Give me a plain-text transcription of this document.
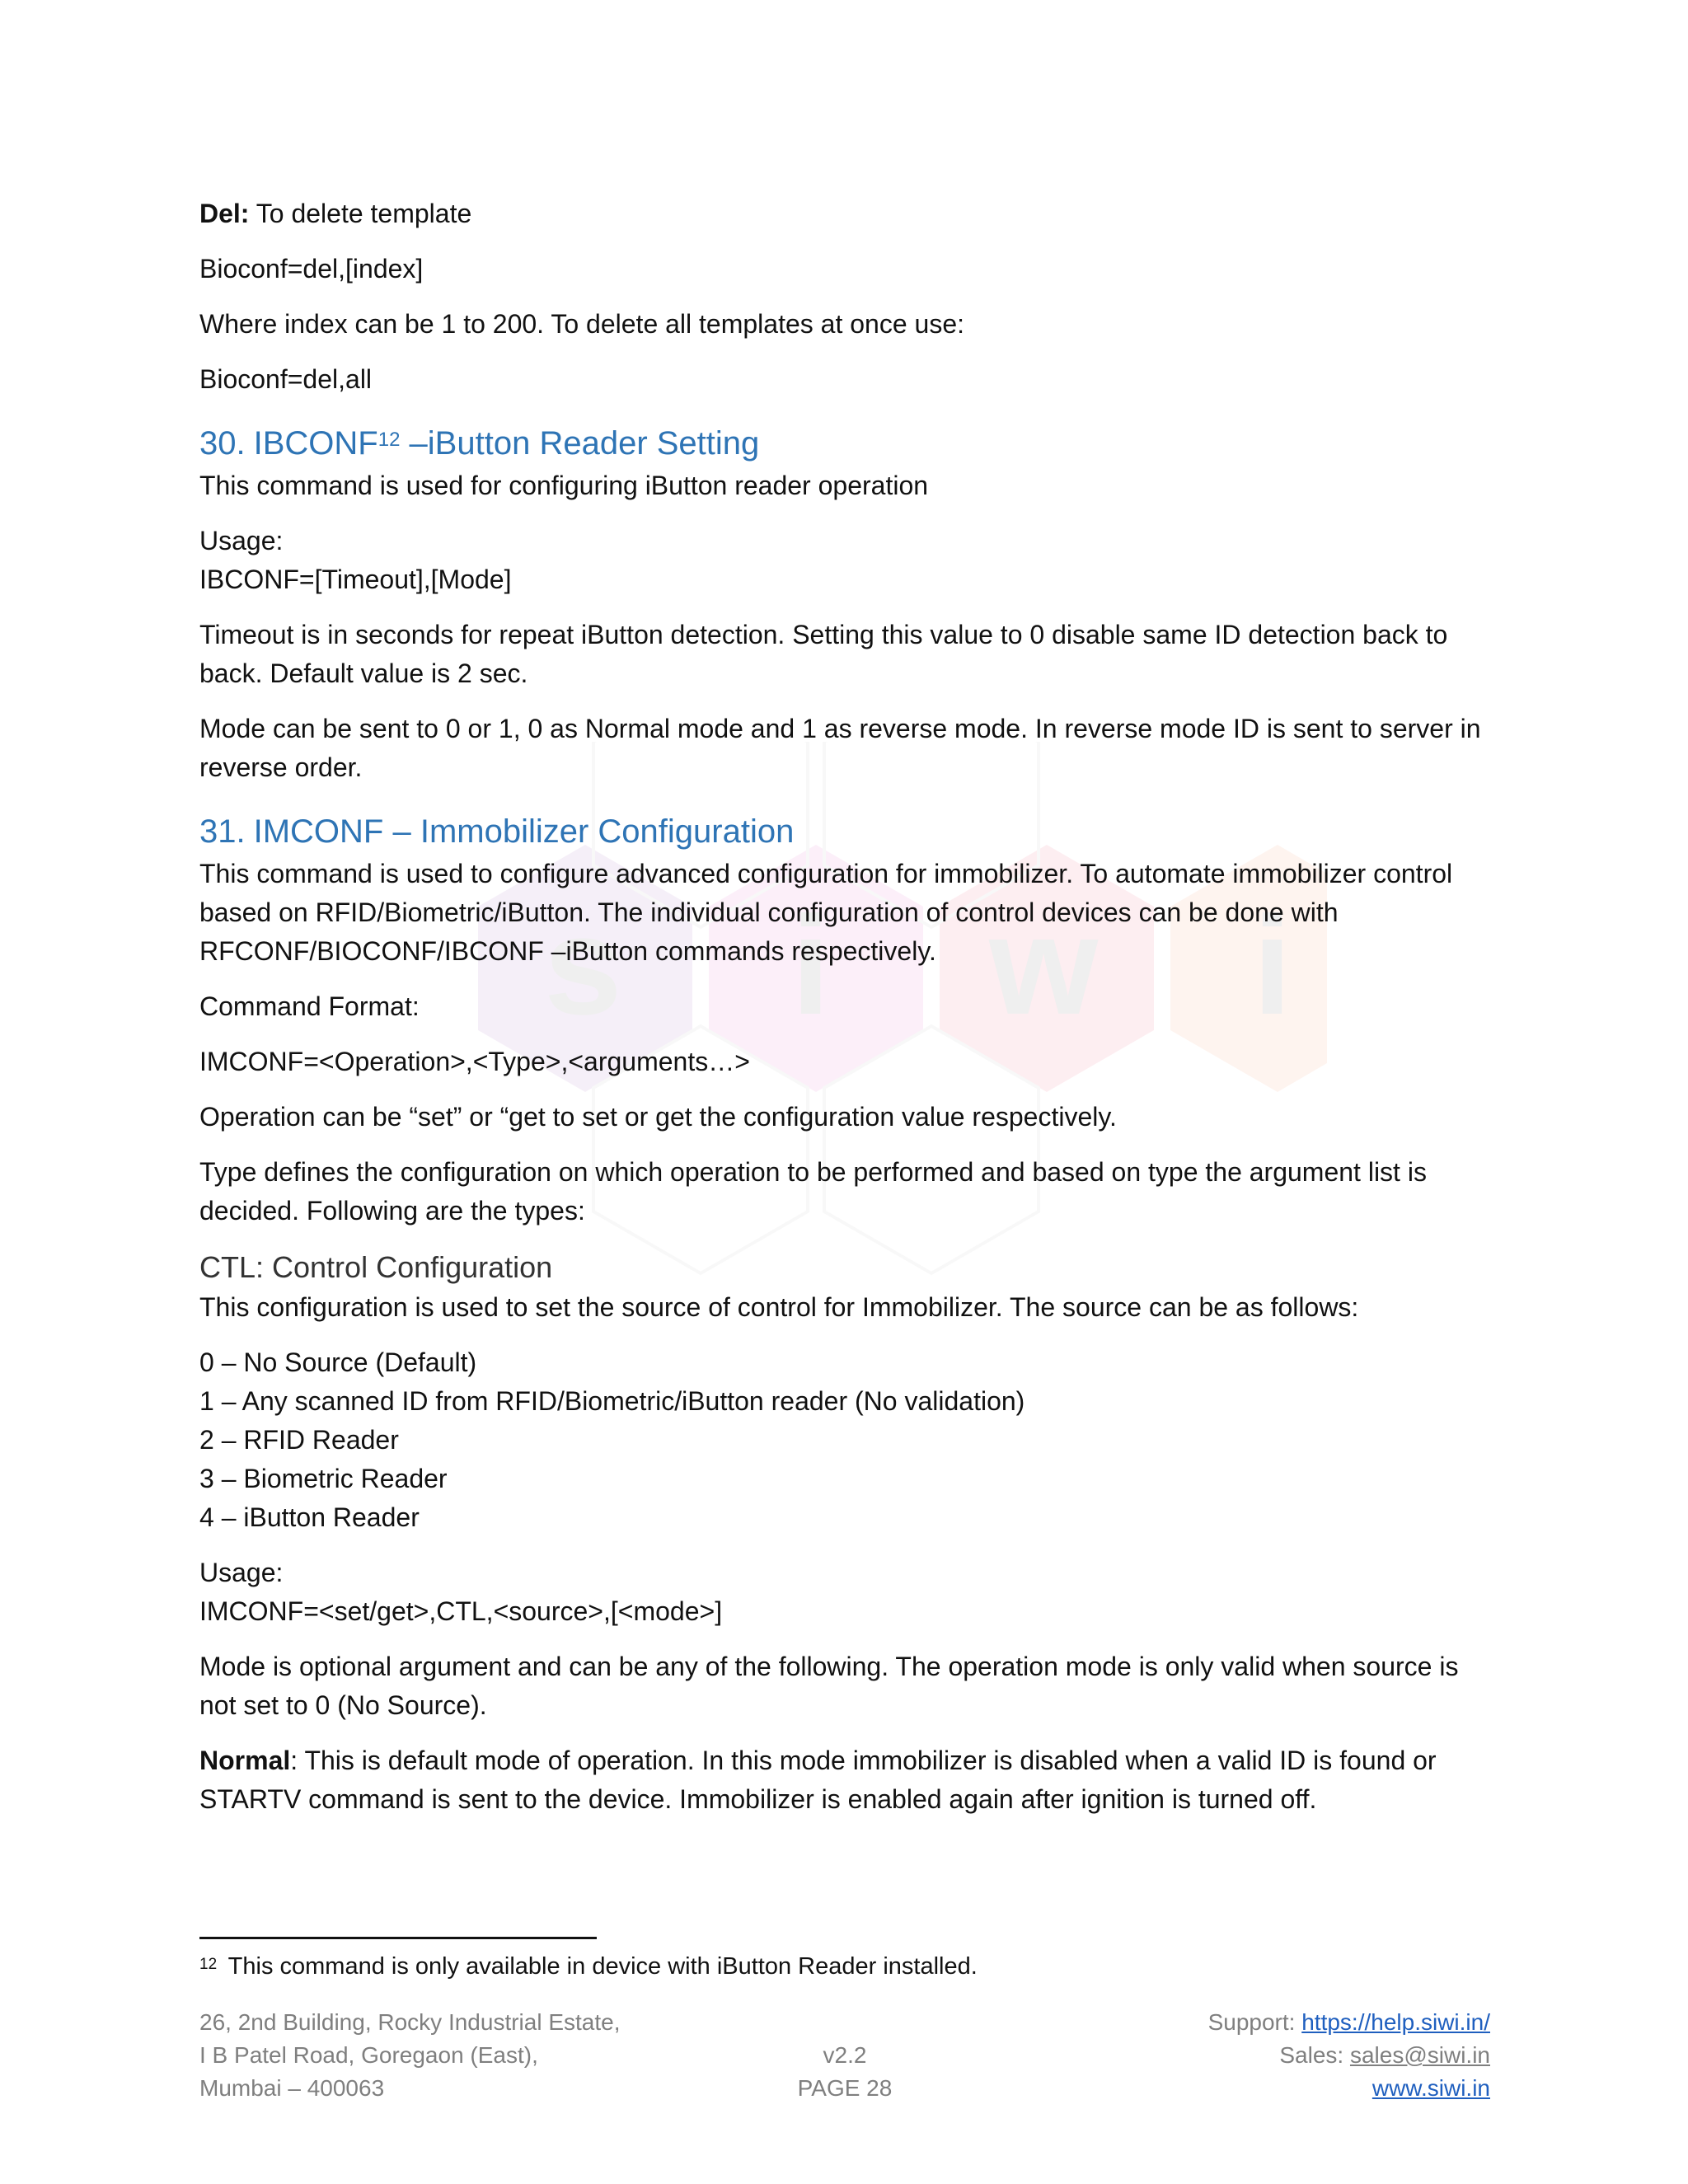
s i w i

Del: To delete template

Bioconf=del,[index]

Where index can be 1 to 200. To delete all templates at once use:

Bioconf=del,all

30. IBCONF$^{12}$ –iButton Reader Setting

This command is used for configuring iButton reader operation

Usage:

IBCONF=[Timeout],[Mode]

Timeout is in seconds for repeat iButton detection. Setting this value to 0 disable same ID detection back to back. Default value is 2 sec.

Mode can be sent to 0 or 1, 0 as Normal mode and 1 as reverse mode. In reverse mode ID is sent to server in reverse order.

31. IMCONF – Immobilizer Configuration

This command is used to configure advanced configuration for immobilizer. To automate immobilizer control based on RFID/Biometric/iButton. The individual configuration of control devices can be done with RFCONF/BIOCONF/IBCONF –iButton commands respectively.

Command Format:

IMCONF=<Operation>,<Type>,<arguments…>

Operation can be “set” or “get to set or get the configuration value respectively.

Type defines the configuration on which operation to be performed and based on type the argument list is decided. Following are the types:

CTL: Control Configuration

This configuration is used to set the source of control for Immobilizer. The source can be as follows:

0 – No Source (Default)
1 – Any scanned ID from RFID/Biometric/iButton reader (No validation)
2 – RFID Reader
3 – Biometric Reader
4 – iButton Reader

Usage:

IMCONF=<set/get>,CTL,<source>,[<mode>]

Mode is optional argument and can be any of the following. The operation mode is only valid when source is not set to 0 (No Source).

Normal: This is default mode of operation. In this mode immobilizer is disabled when a valid ID is found or STARTV command is sent to the device. Immobilizer is enabled again after ignition is turned off.

$^{12}$ This command is only available in device with iButton Reader installed.
26, 2nd Building, Rocky Industrial Estate,
I B Patel Road, Goregaon (East),
Mumbai – 400063
v2.2
PAGE 28
Support: https://help.siwi.in/
Sales: sales@siwi.in
www.siwi.in
